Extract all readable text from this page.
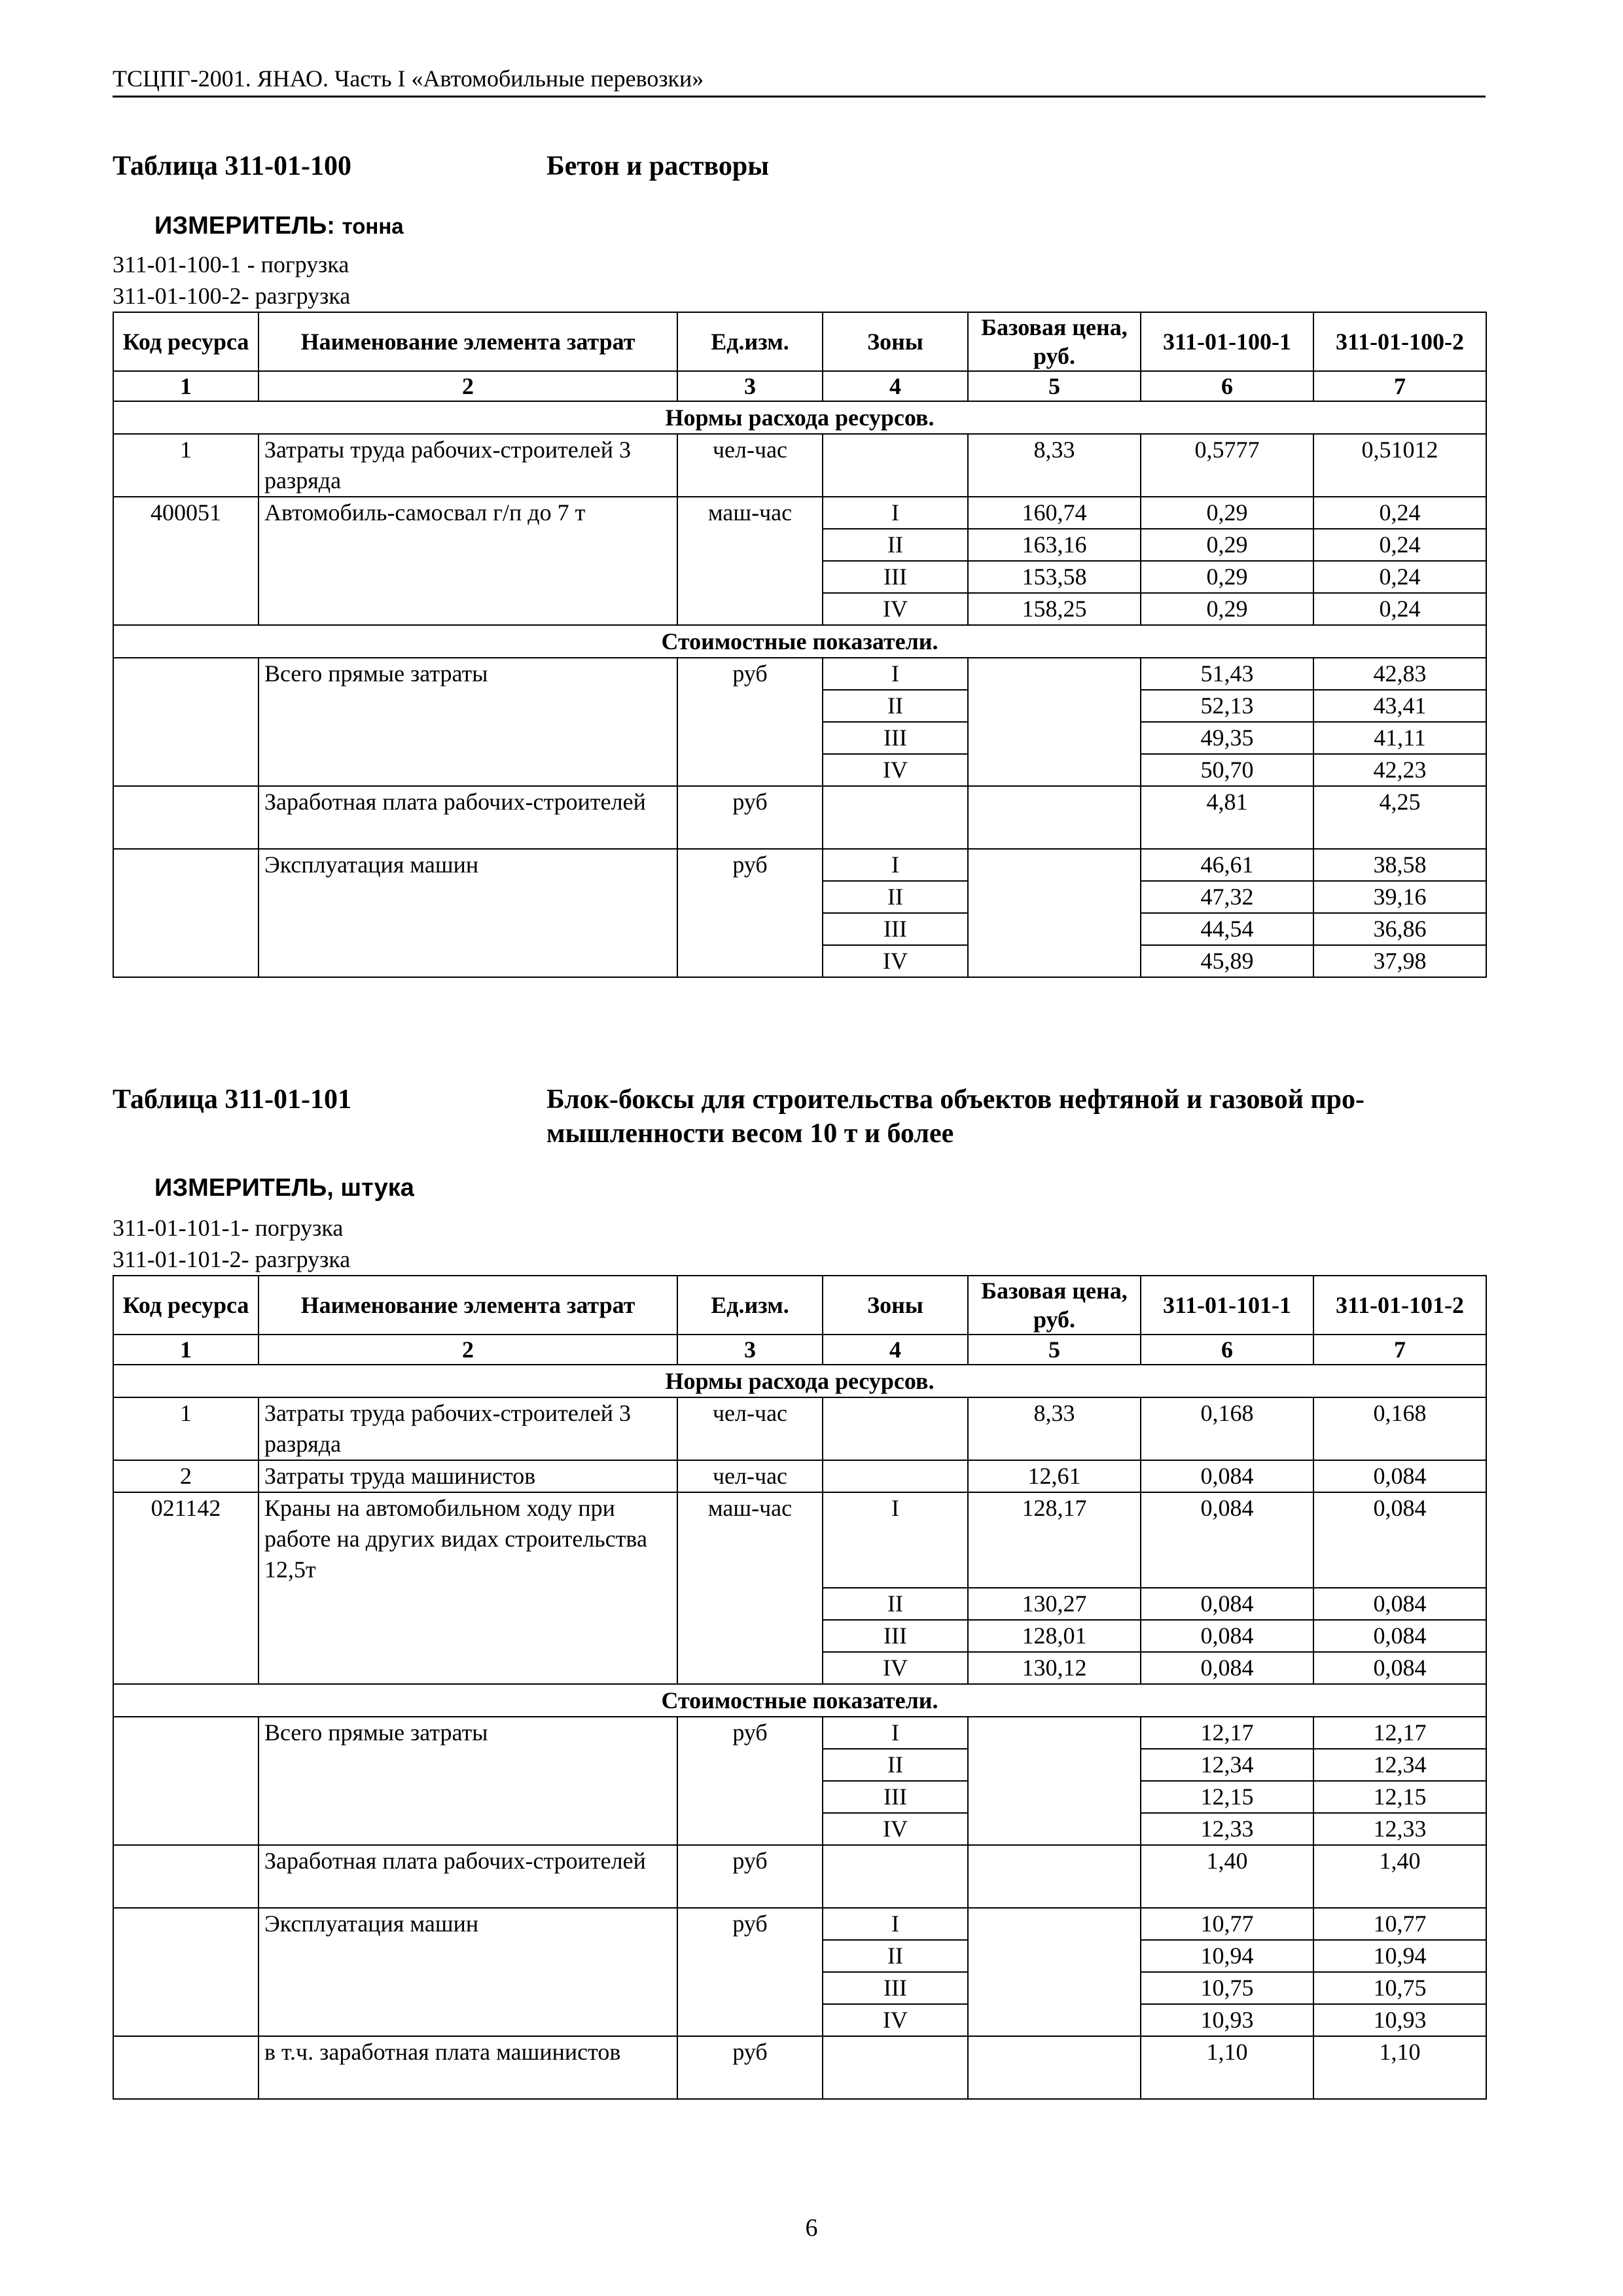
ТСЦПГ-2001. ЯНАО. Часть I «Автомобильные перевозки»
Таблица 311-01-100	Бетон и растворы
ИЗМЕРИТЕЛЬ: тонна
311-01-100-1 - погрузка
311-01-100-2- разгрузка
Код ресурса	Наименование элемента затрат	Ед.изм.	Зоны	Базовая цена, руб.	311-01-100-1	311-01-100-2
1	2	3	4	5	6	7
Нормы расхода ресурсов.						
1	Затраты труда рабочих-строителей 3 разряда	чел-час		8,33	0,5777	0,51012
400051	Автомобиль-самосвал г/п до 7 т	маш-час	I	160,74	0,29	0,24
			II	163,16	0,29	0,24
			III	153,58	0,29	0,24
			IV	158,25	0,29	0,24
Стоимостные показатели.						
	Всего прямые затраты	руб	I		51,43	42,83
			II		52,13	43,41
			III		49,35	41,11
			IV		50,70	42,23
	Заработная плата рабочих-строителей	руб			4,81	4,25
	Эксплуатация машин	руб	I		46,61	38,58
			II		47,32	39,16
			III		44,54	36,86
			IV		45,89	37,98
Таблица 311-01-101	Блок-боксы для строительства объектов нефтяной и газовой про-
мышленности весом 10 т и более
ИЗМЕРИТЕЛЬ, штука
311-01-101-1- погрузка
311-01-101-2- разгрузка
Код ресурса	Наименование элемента затрат	Ед.изм.	Зоны	Базовая цена, руб.	311-01-101-1	311-01-101-2
1	2	3	4	5	6	7
Нормы расхода ресурсов.						
1	Затраты труда рабочих-строителей 3 разряда	чел-час		8,33	0,168	0,168
2	Затраты труда машинистов	чел-час		12,61	0,084	0,084
021142	Краны на автомобильном ходу при работе на других видах строительства 12,5т	маш-час	I	128,17	0,084	0,084
			II	130,27	0,084	0,084
			III	128,01	0,084	0,084
			IV	130,12	0,084	0,084
Стоимостные показатели.						
	Всего прямые затраты	руб	I		12,17	12,17
			II		12,34	12,34
			III		12,15	12,15
			IV		12,33	12,33
	Заработная плата рабочих-строителей	руб			1,40	1,40
	Эксплуатация машин	руб	I		10,77	10,77
			II		10,94	10,94
			III		10,75	10,75
			IV		10,93	10,93
	в т.ч. заработная плата машинистов	руб			1,10	1,10
6
